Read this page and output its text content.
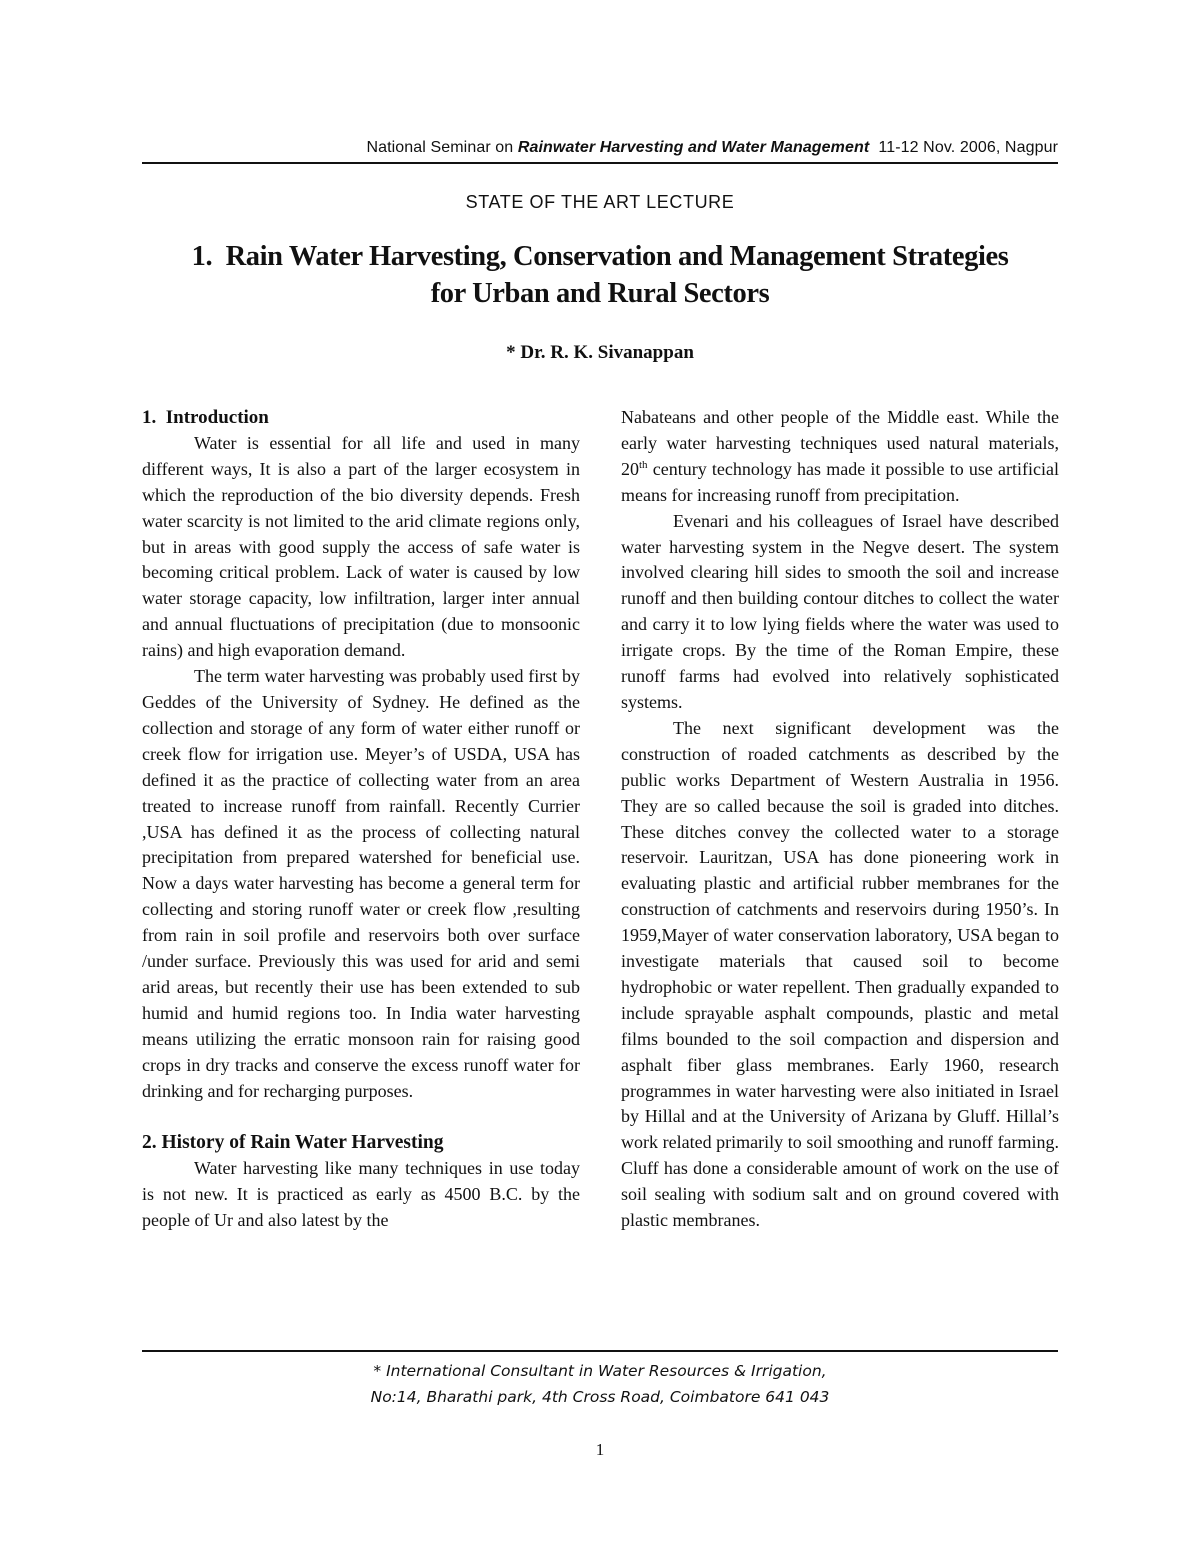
National Seminar on Rainwater Harvesting and Water Management  11-12 Nov. 2006, Nagpur
STATE OF THE ART LECTURE
1.  Rain Water Harvesting, Conservation and Management Strategies
for Urban and Rural Sectors
* Dr. R. K. Sivanappan

1.  Introduction

Water is essential for all life and used in many different ways, It is also a part of the larger ecosystem in which the reproduction of the bio diversity depends. Fresh water scarcity is not limited to the arid climate regions only, but in areas with good supply the access of safe water is becoming critical problem. Lack of water is caused by low water storage capacity, low infiltration, larger inter annual and annual fluctuations of precipitation (due to monsoonic rains) and high evaporation demand.

The term water harvesting was probably used first by Geddes of the University of Sydney. He defined as the collection and storage of any form of water either runoff or creek flow for irrigation use. Meyer’s of USDA, USA has defined it as the practice of collecting water from an area treated to increase runoff from rainfall. Recently Currier ,USA has defined it as the process of collecting natural precipitation from prepared watershed for beneficial use. Now a days water harvesting has become a general term for collecting and storing runoff water or creek flow ,resulting from rain in soil profile and reservoirs both over surface /under surface. Previously this was used for arid and semi arid areas, but recently their use has been extended to sub humid and humid regions too. In India water harvesting means utilizing the erratic monsoon rain for raising good crops in dry tracks and conserve the excess runoff water for drinking and for recharging purposes.

2. History of Rain Water Harvesting

Water harvesting like many techniques in use today is not new. It is practiced as early as 4500 B.C. by the people of Ur and also latest by the

Nabateans and other people of the Middle east. While the early water harvesting techniques used natural materials, 20th century technology has made it possible to use artificial means for increasing runoff from precipitation.

Evenari and his colleagues of Israel have described water harvesting system in the Negve desert. The system involved clearing hill sides to smooth the soil and increase runoff and then building contour ditches to collect the water and carry it to low lying fields where the water was used to irrigate crops. By the time of the Roman Empire, these runoff farms had evolved into relatively sophisticated systems.

The next significant development was the construction of roaded catchments as described by the public works Department of Western Australia in 1956. They are so called because the soil is graded into ditches. These ditches convey the collected water to a storage reservoir. Lauritzan, USA has done pioneering work in evaluating plastic and artificial rubber membranes for the construction of catchments and reservoirs during 1950’s. In 1959,Mayer of water conservation laboratory, USA began to investigate materials that caused soil to become hydrophobic or water repellent. Then gradually expanded to include sprayable asphalt compounds, plastic and metal films bounded to the soil compaction and dispersion and asphalt fiber glass membranes. Early 1960, research programmes in water harvesting were also initiated in Israel by Hillal and at the University of Arizana by Gluff. Hillal’s work related primarily to soil smoothing and runoff farming. Cluff has done a considerable amount of work on the use of soil sealing with sodium salt and on ground covered with plastic membranes.

* International Consultant in Water Resources & Irrigation,
No:14, Bharathi park, 4th Cross Road, Coimbatore 641 043
1
